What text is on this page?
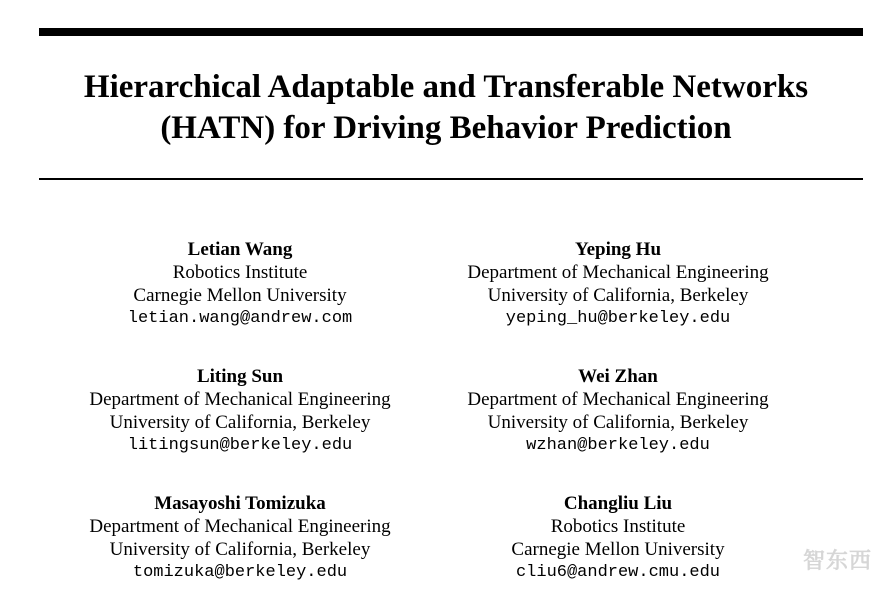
Hierarchical Adaptable and Transferable Networks
(HATN) for Driving Behavior Prediction
Letian Wang
Robotics Institute
Carnegie Mellon University
letian.wang@andrew.com
Yeping Hu
Department of Mechanical Engineering
University of California, Berkeley
yeping_hu@berkeley.edu
Liting Sun
Department of Mechanical Engineering
University of California, Berkeley
litingsun@berkeley.edu
Wei Zhan
Department of Mechanical Engineering
University of California, Berkeley
wzhan@berkeley.edu
Masayoshi Tomizuka
Department of Mechanical Engineering
University of California, Berkeley
tomizuka@berkeley.edu
Changliu Liu
Robotics Institute
Carnegie Mellon University
cliu6@andrew.cmu.edu	智东西
